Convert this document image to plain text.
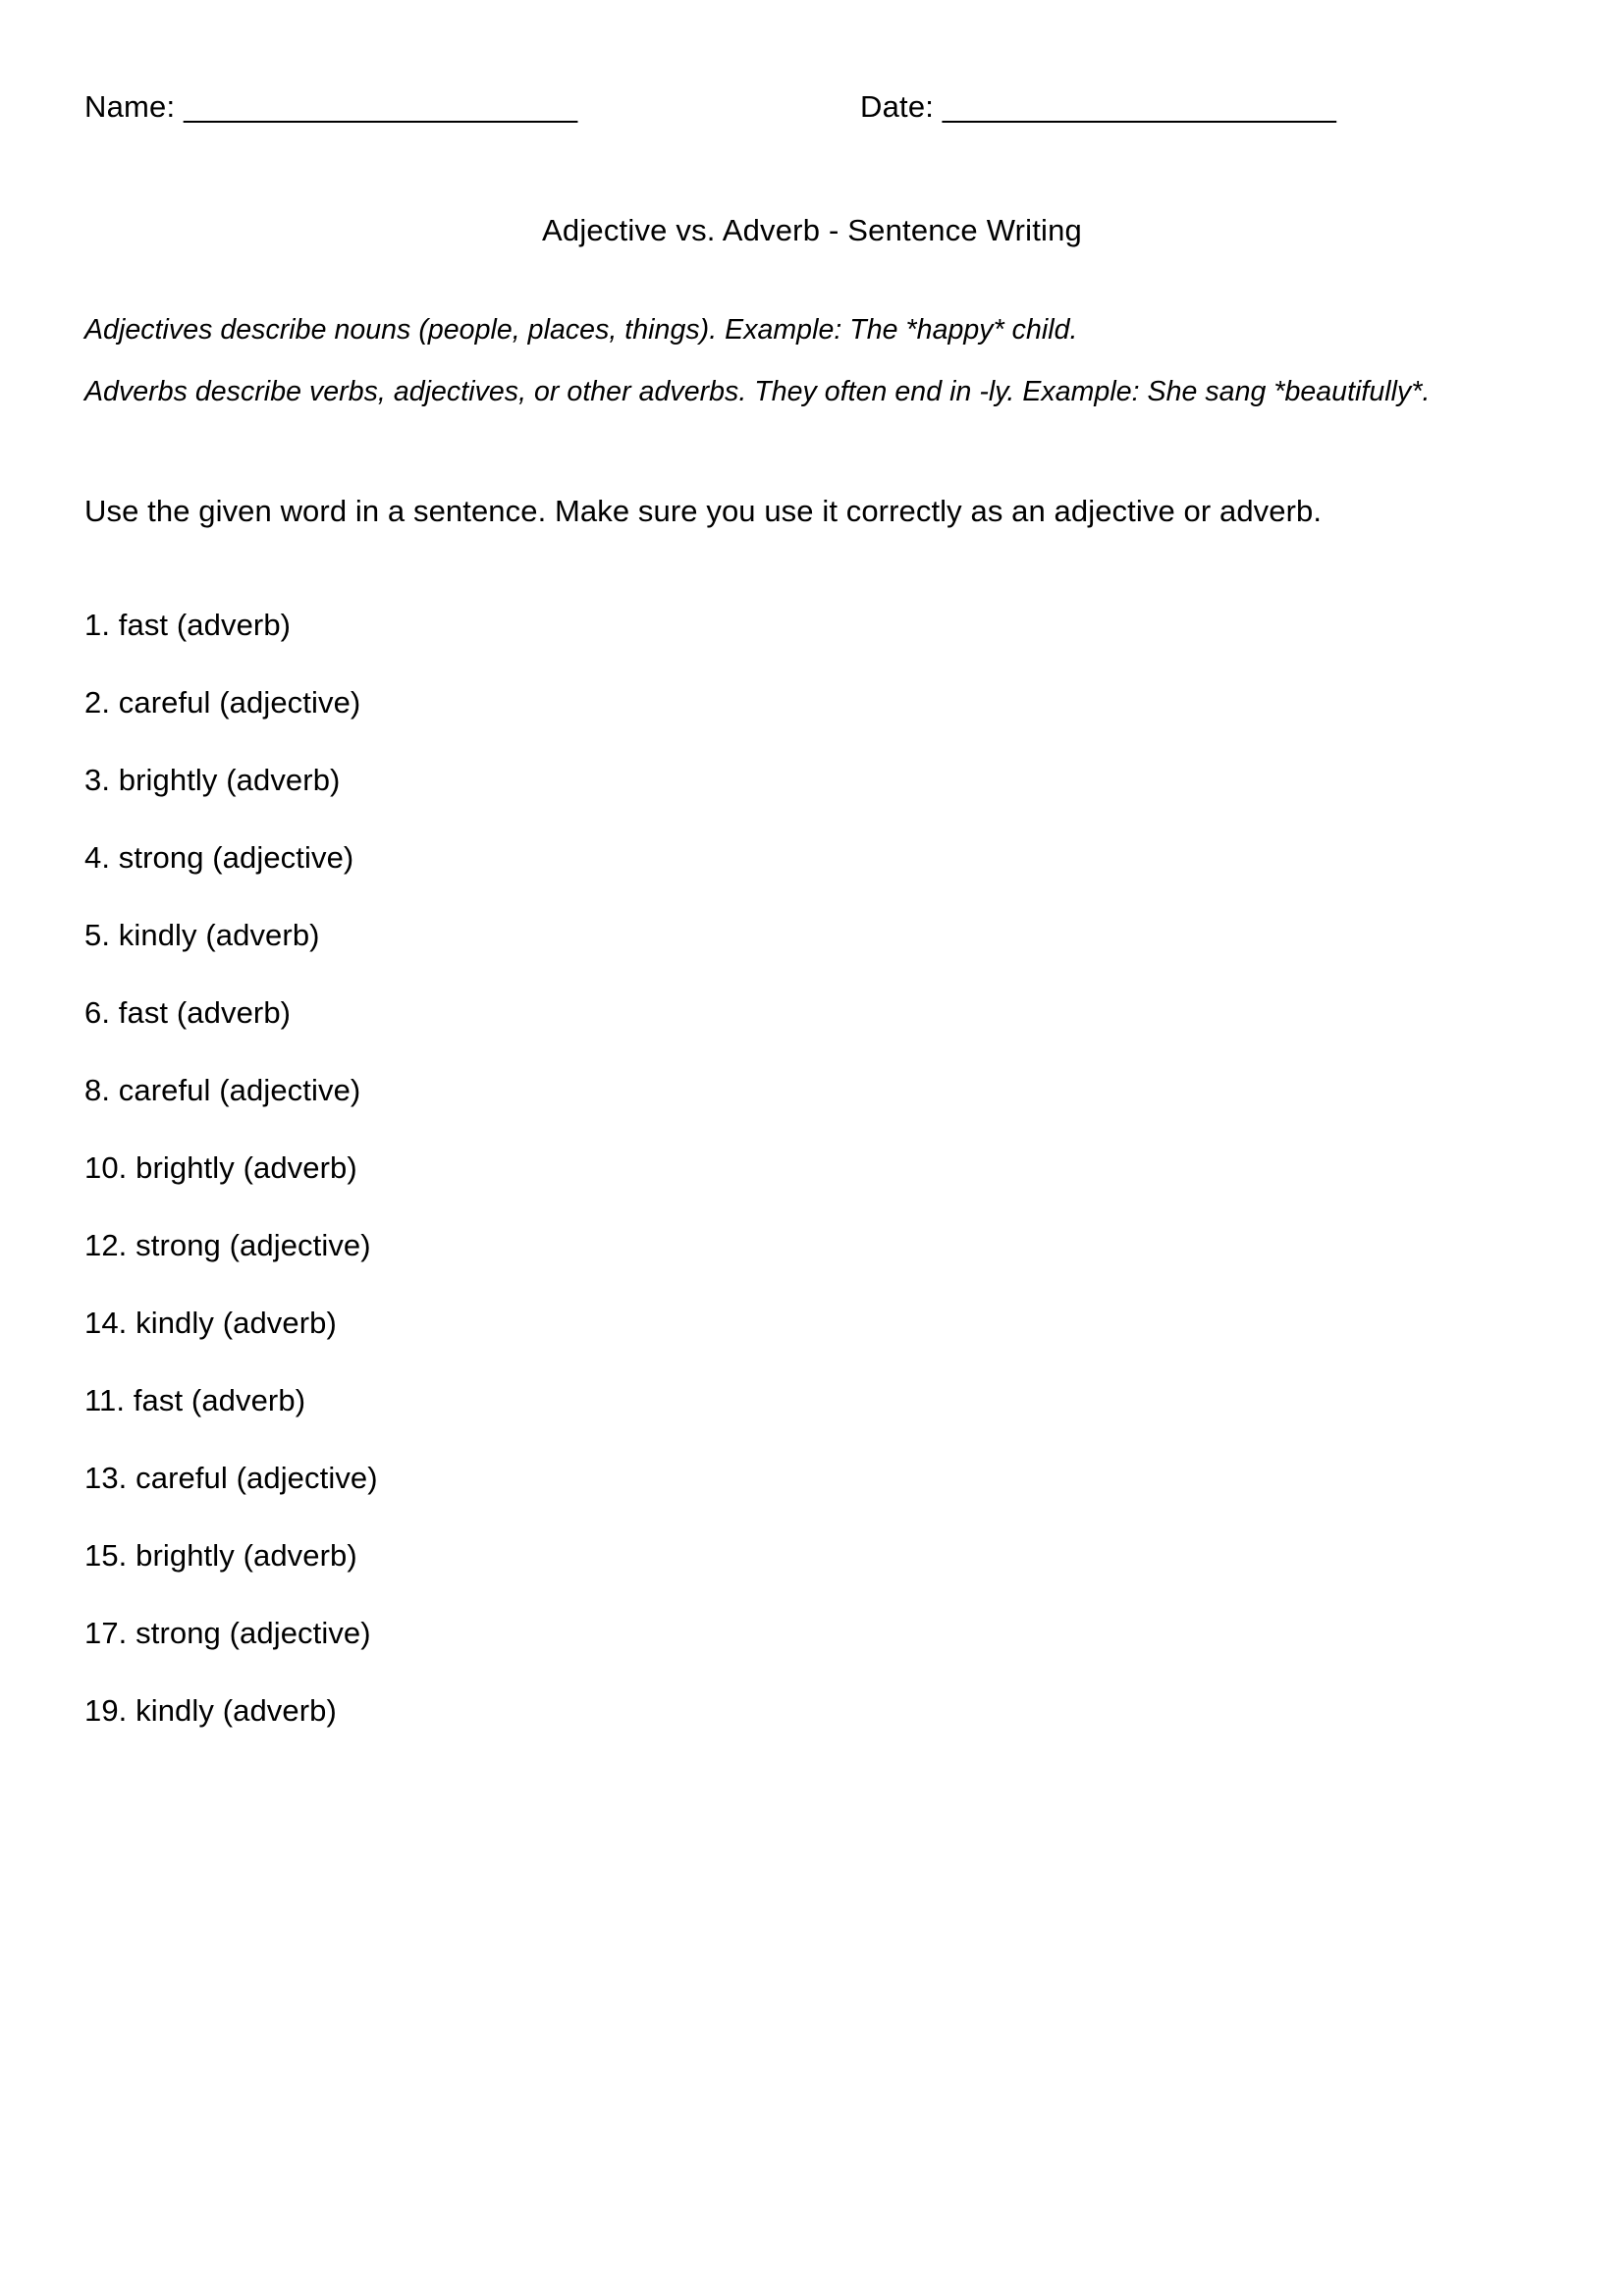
Name: _______________________	Date: _______________________
Adjective vs. Adverb - Sentence Writing
Adjectives describe nouns (people, places, things). Example: The *happy* child.
Adverbs describe verbs, adjectives, or other adverbs. They often end in -ly. Example: She sang *beautifully*.
Use the given word in a sentence. Make sure you use it correctly as an adjective or adverb.
1. fast (adverb)
2. careful (adjective)
3. brightly (adverb)
4. strong (adjective)
5. kindly (adverb)
6. fast (adverb)
8. careful (adjective)
10. brightly (adverb)
12. strong (adjective)
14. kindly (adverb)
11. fast (adverb)
13. careful (adjective)
15. brightly (adverb)
17. strong (adjective)
19. kindly (adverb)
